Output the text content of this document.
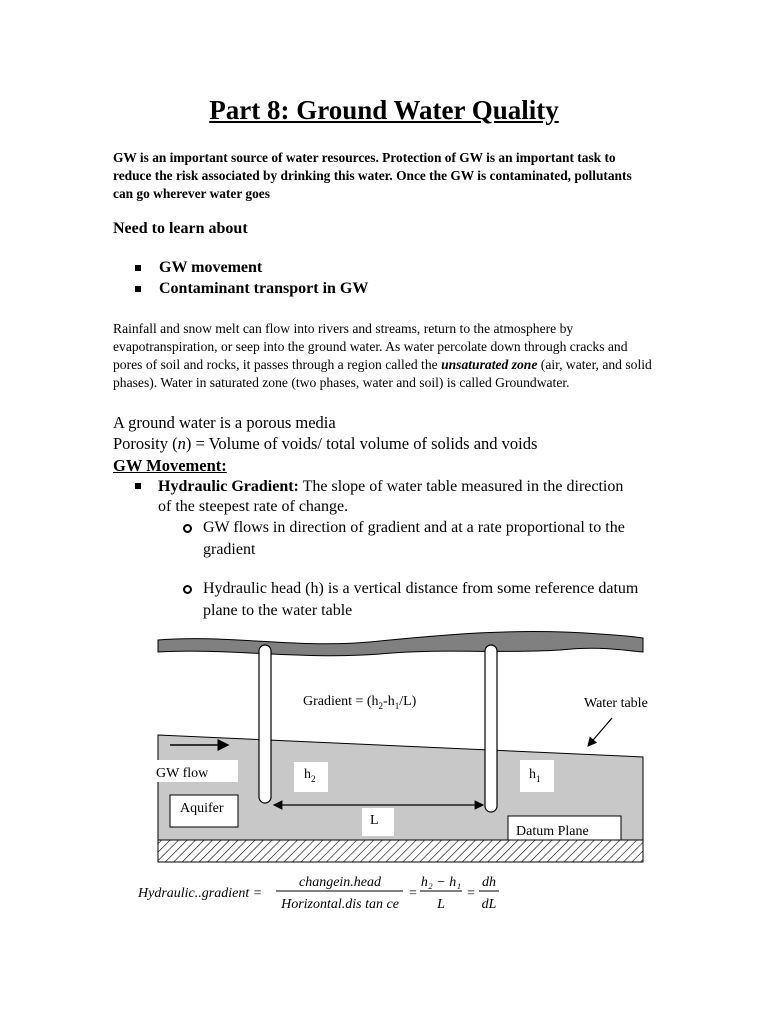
Part 8: Ground Water Quality
GW is an important source of water resources. Protection of GW is an important task to reduce the risk associated by drinking this water. Once the GW is contaminated, pollutants can go wherever water goes
Need to learn about
GW movement
Contaminant transport in GW
Rainfall and snow melt can flow into rivers and streams, return to the atmosphere by evapotranspiration, or seep into the ground water. As water percolate down through cracks and pores of soil and rocks, it passes through a region called the unsaturated zone (air, water, and solid phases). Water in saturated zone (two phases, water and soil) is called Groundwater.
A ground water is a porous media
Porosity (n) = Volume of voids/ total volume of solids and voids
GW Movement:
Hydraulic Gradient: The slope of water table measured in the direction of the steepest rate of change.
GW flows in direction of gradient and at a rate proportional to the gradient
Hydraulic head (h) is a vertical distance from some reference datum plane to the water table
Gradient = $(h_2-h_1/L)$	Water table
GW flow
Aquifer
$h_2$	$h_1$
L
Datum Plane
Hydraulic..gradient =
changein.head
Horizontal.dis tan ce
=
h₂ − h₁
L
=
dh
dL
